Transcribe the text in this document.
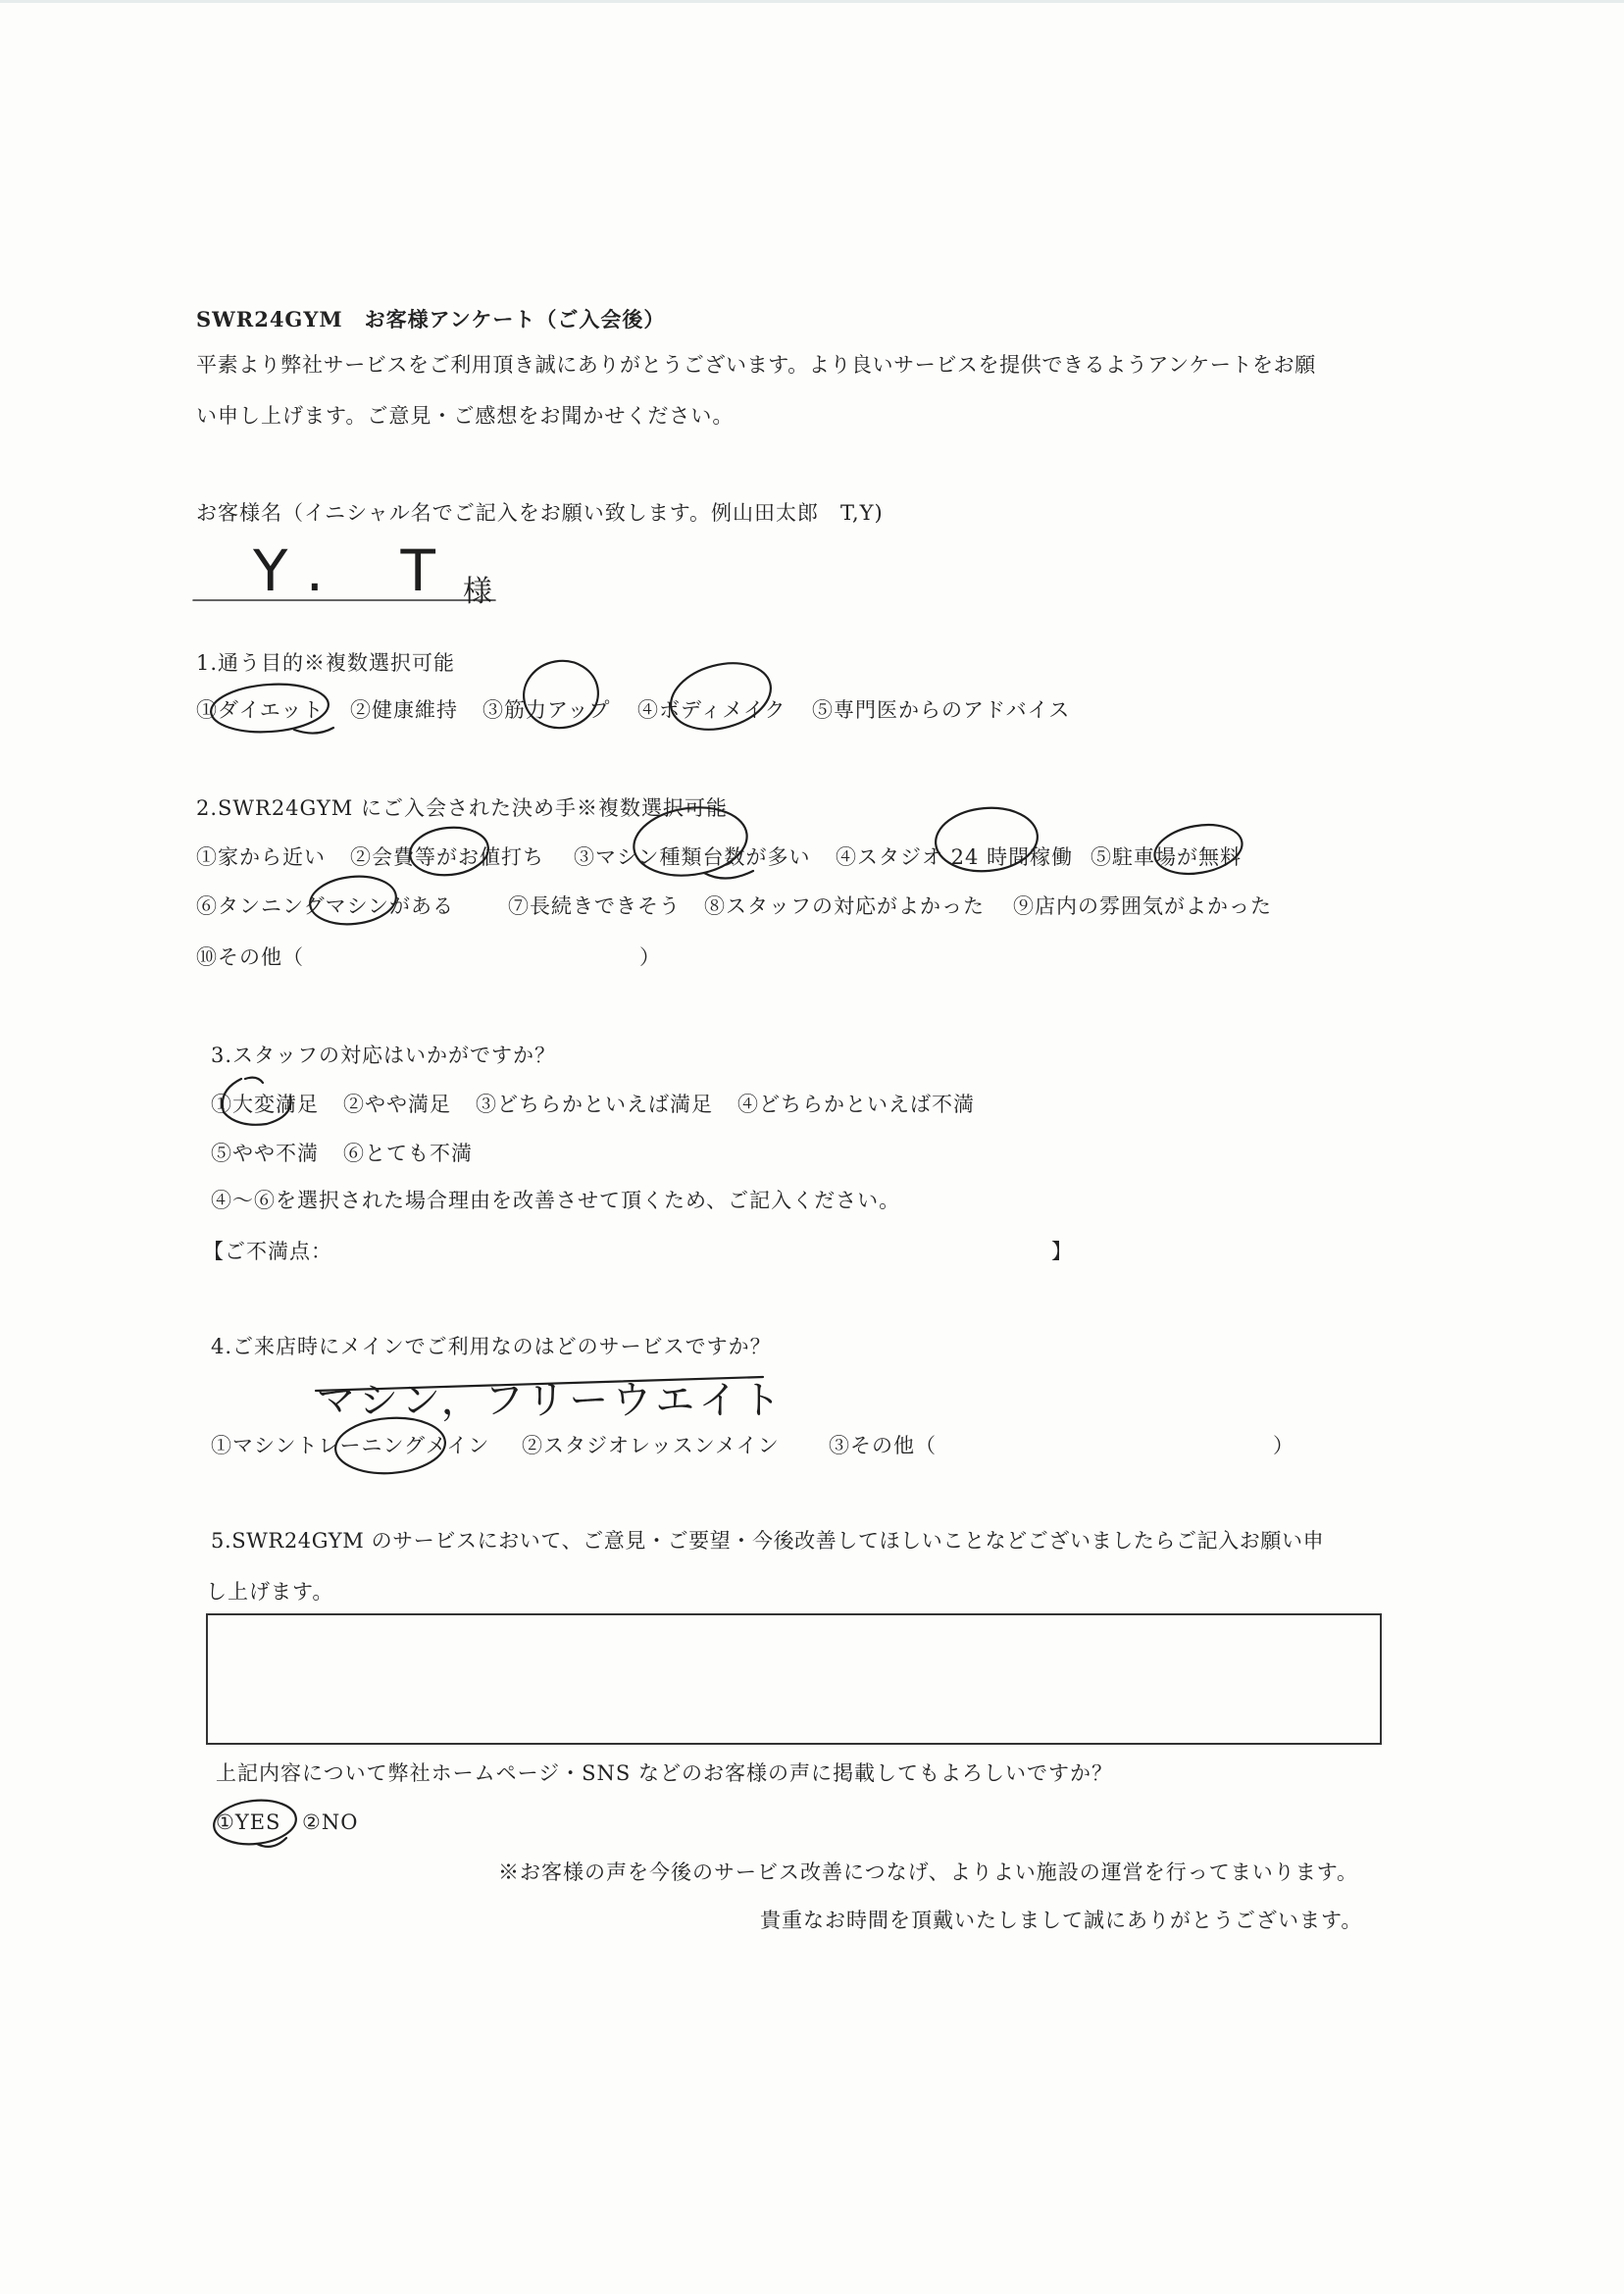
SWR24GYM　お客様アンケート（ご入会後）
平素より弊社サービスをご利用頂き誠にありがとうございます。より良いサービスを提供できるようアンケートをお願
い申し上げます。ご意見・ご感想をお聞かせください。
お客様名（イニシャル名でご記入をお願い致します。例山田太郎　T,Y)
Y. T
様
1.通う目的※複数選択可能
①ダイエット ②健康維持 ③筋力アップ ④ボディメイク ⑤専門医からのアドバイス
2.SWR24GYM にご入会された決め手※複数選択可能
①家から近い ②会費等がお値打ち ③マシン種類台数が多い ④スタジオ 24 時間稼働 ⑤駐車場が無料
⑥タンニングマシンがある	⑦長続きできそう ⑧スタッフの対応がよかった ⑨店内の雰囲気がよかった
⑩その他（	）
3.スタッフの対応はいかがですか？
①大変満足 ②やや満足 ③どちらかといえば満足 ④どちらかといえば不満
⑤やや不満 ⑥とても不満
④～⑥を選択された場合理由を改善させて頂くため、ご記入ください。
【ご不満点：	】
4.ご来店時にメインでご利用なのはどのサービスですか？
マシン，フリーウエイト
①マシントレーニングメイン ②スタジオレッスンメイン ③その他（	）
5.SWR24GYM のサービスにおいて、ご意見・ご要望・今後改善してほしいことなどございましたらご記入お願い申
し上げます。
上記内容について弊社ホームページ・SNS などのお客様の声に掲載してもよろしいですか？
①YES ②NO
※お客様の声を今後のサービス改善につなげ、よりよい施設の運営を行ってまいります。
貴重なお時間を頂戴いたしまして誠にありがとうございます。
